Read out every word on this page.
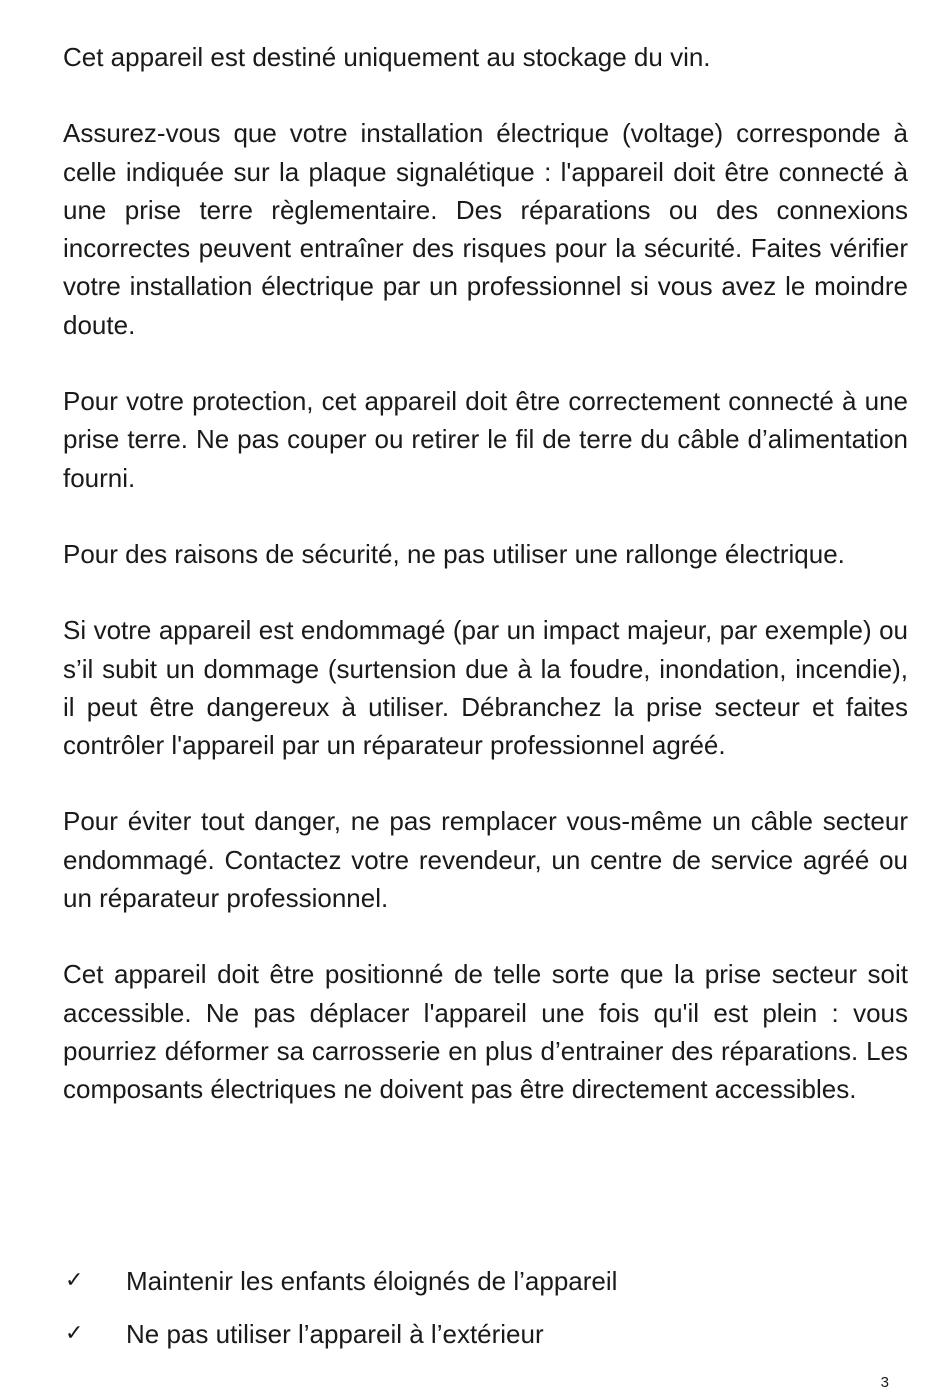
Cet appareil est destiné uniquement au stockage du vin.

Assurez-vous que votre installation électrique (voltage) corresponde à celle indiquée sur la plaque signalétique : l'appareil doit être connecté à une prise terre règlementaire. Des réparations ou des connexions incorrectes peuvent entraîner des risques pour la sécurité. Faites vérifier votre installation électrique par un professionnel si vous avez le moindre doute.

Pour votre protection, cet appareil doit être correctement connecté à une prise terre. Ne pas couper ou retirer le fil de terre du câble d’alimentation fourni.

Pour des raisons de sécurité, ne pas utiliser une rallonge électrique.

Si votre appareil est endommagé (par un impact majeur, par exemple) ou s’il subit un dommage (surtension due à la foudre, inondation, incendie), il peut être dangereux à utiliser. Débranchez la prise secteur et faites contrôler l'appareil par un réparateur professionnel agréé.

Pour éviter tout danger, ne pas remplacer vous-même un câble secteur endommagé. Contactez votre revendeur, un centre de service agréé ou un réparateur professionnel.

Cet appareil doit être positionné de telle sorte que la prise secteur soit accessible. Ne pas déplacer l'appareil une fois qu'il est plein : vous pourriez déformer sa carrosserie en plus d’entrainer des réparations. Les composants électriques ne doivent pas être directement accessibles.

✓ Maintenir les enfants éloignés de l’appareil
✓ Ne pas utiliser l’appareil à l’extérieur
3
